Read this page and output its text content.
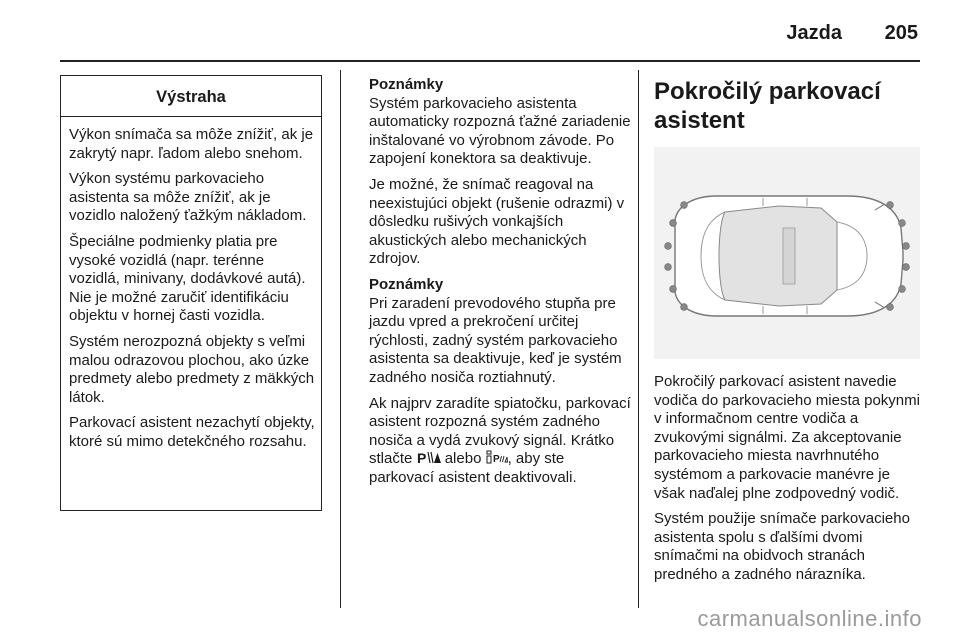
Jazda 205
Výstraha

Výkon snímača sa môže znížiť, ak je zakrytý napr. ľadom alebo snehom.

Výkon systému parkovacieho asistenta sa môže znížiť, ak je vozidlo naložený ťažkým nákladom.

Špeciálne podmienky platia pre vysoké vozidlá (napr. terénne vozidlá, minivany, dodávkové autá). Nie je možné zaručiť identifikáciu objektu v hornej časti vozidla.

Systém nerozpozná objekty s veľmi malou odrazovou plochou, ako úzke predmety alebo predmety z mäkkých látok.

Parkovací asistent nezachytí objekty, ktoré sú mimo detekčného rozsahu.

Poznámky

Systém parkovacieho asistenta automaticky rozpozná ťažné zariadenie inštalované vo výrobnom závode. Po zapojení konektora sa deaktivuje.

Je možné, že snímač reagoval na neexistujúci objekt (rušenie odrazmi) v dôsledku rušivých vonkajších akustických alebo mechanických zdrojov.

Poznámky

Pri zaradení prevodového stupňa pre jazdu vpred a prekročení určitej rýchlosti, zadný systém parkovacieho asistenta sa deaktivuje, keď je systém zadného nosiča roztiahnutý.

Ak najprv zaradíte spiatočku, parkovací asistent rozpozná systém zadného nosiča a vydá zvukový signál. Krátko stlačte P alebo P , aby ste parkovací asistent deaktivovali.

Pokročilý parkovací asistent

Pokročilý parkovací asistent navedie vodiča do parkovacieho miesta pokynmi v informačnom centre vodiča a zvukovými signálmi. Za akceptovanie parkovacieho miesta navrhnutého systémom a parkovacie manévre je však naďalej plne zodpovedný vodič.

Systém použije snímače parkovacieho asistenta spolu s ďalšími dvomi snímačmi na obidvoch stranách predného a zadného nárazníka.

carmanualsonline.info
